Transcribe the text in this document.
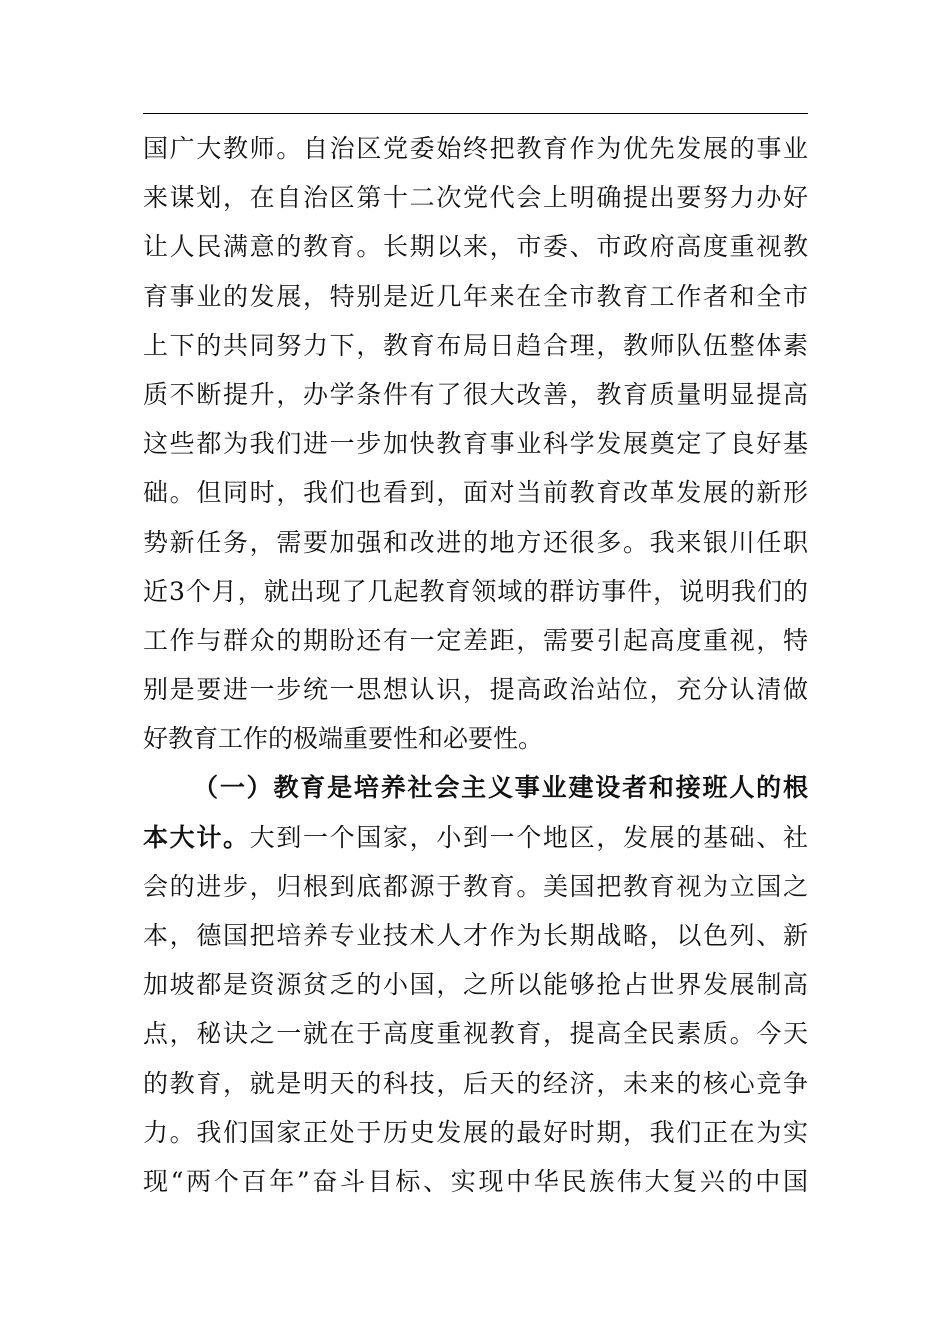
国广大教师。自治区党委始终把教育作为优先发展的事业
来谋划，在自治区第十二次党代会上明确提出要努力办好
让人民满意的教育。长期以来，市委、市政府高度重视教
育事业的发展，特别是近几年来在全市教育工作者和全市
上下的共同努力下，教育布局日趋合理，教师队伍整体素
质不断提升，办学条件有了很大改善，教育质量明显提高
这些都为我们进一步加快教育事业科学发展奠定了良好基
础。但同时，我们也看到，面对当前教育改革发展的新形
势新任务，需要加强和改进的地方还很多。我来银川任职
近3个月，就出现了几起教育领域的群访事件，说明我们的
工作与群众的期盼还有一定差距，需要引起高度重视，特
别是要进一步统一思想认识，提高政治站位，充分认清做
好教育工作的极端重要性和必要性。
（一）教育是培养社会主义事业建设者和接班人的根
本大计。大到一个国家，小到一个地区，发展的基础、社
会的进步，归根到底都源于教育。美国把教育视为立国之
本，德国把培养专业技术人才作为长期战略，以色列、新
加坡都是资源贫乏的小国，之所以能够抢占世界发展制高
点，秘诀之一就在于高度重视教育，提高全民素质。今天
的教育，就是明天的科技，后天的经济，未来的核心竞争
力。我们国家正处于历史发展的最好时期，我们正在为实
现“两个百年”奋斗目标、实现中华民族伟大复兴的中国
